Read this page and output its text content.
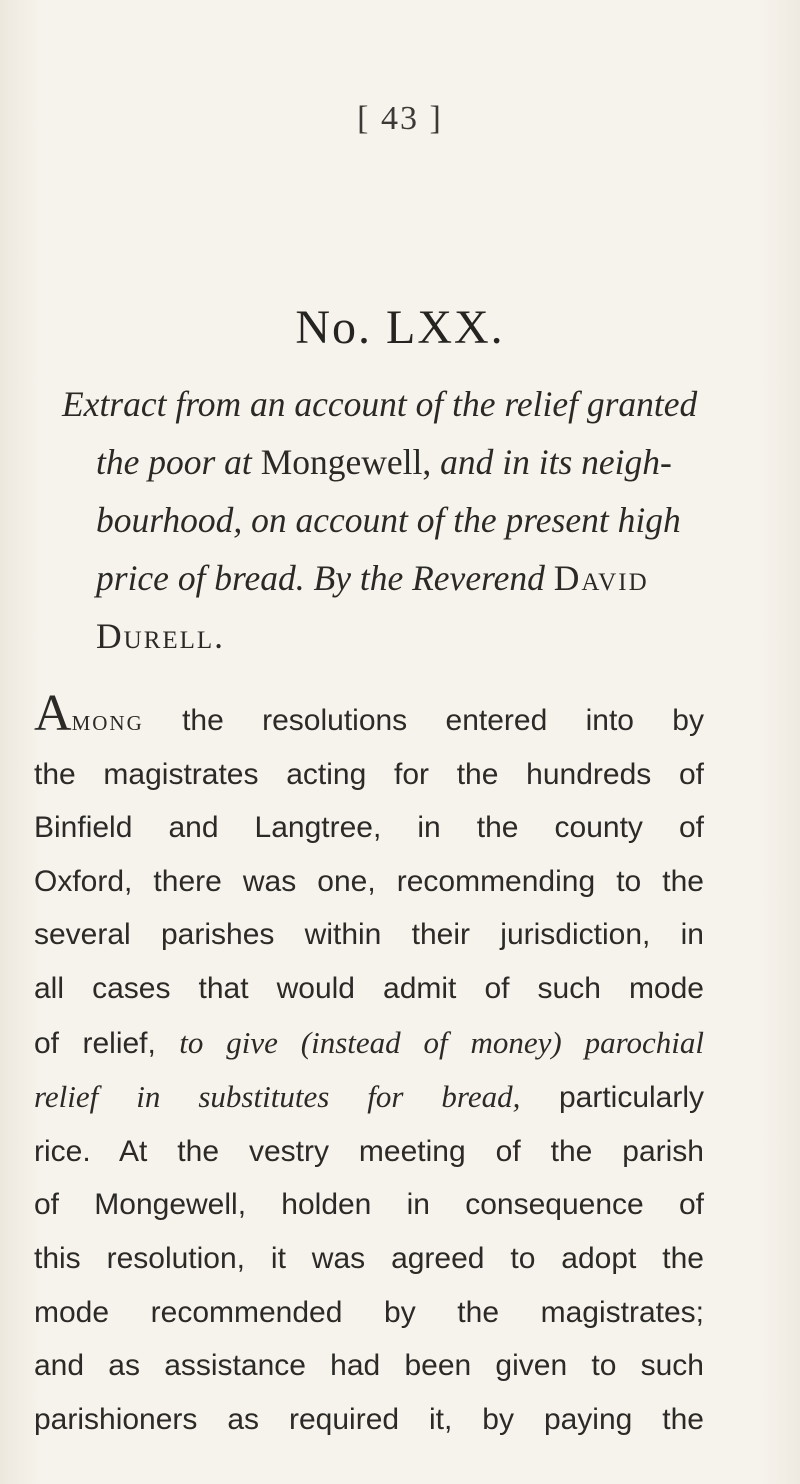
[ 43 ]
No. LXX.
Extract from an account of the relief granted
the poor at Mongewell, and in its neigh-
bourhood, on account of the present high
price of bread. By the Reverend David
Durell.
Among the resolutions entered into by
the magistrates acting for the hundreds of
Binfield and Langtree, in the county of
Oxford, there was one, recommending to the
several parishes within their jurisdiction, in
all cases that would admit of such mode
of relief, to give (instead of money) parochial
relief in substitutes for bread, particularly
rice. At the vestry meeting of the parish
of Mongewell, holden in consequence of
this resolution, it was agreed to adopt the
mode recommended by the magistrates;
and as assistance had been given to such
parishioners as required it, by paying the
